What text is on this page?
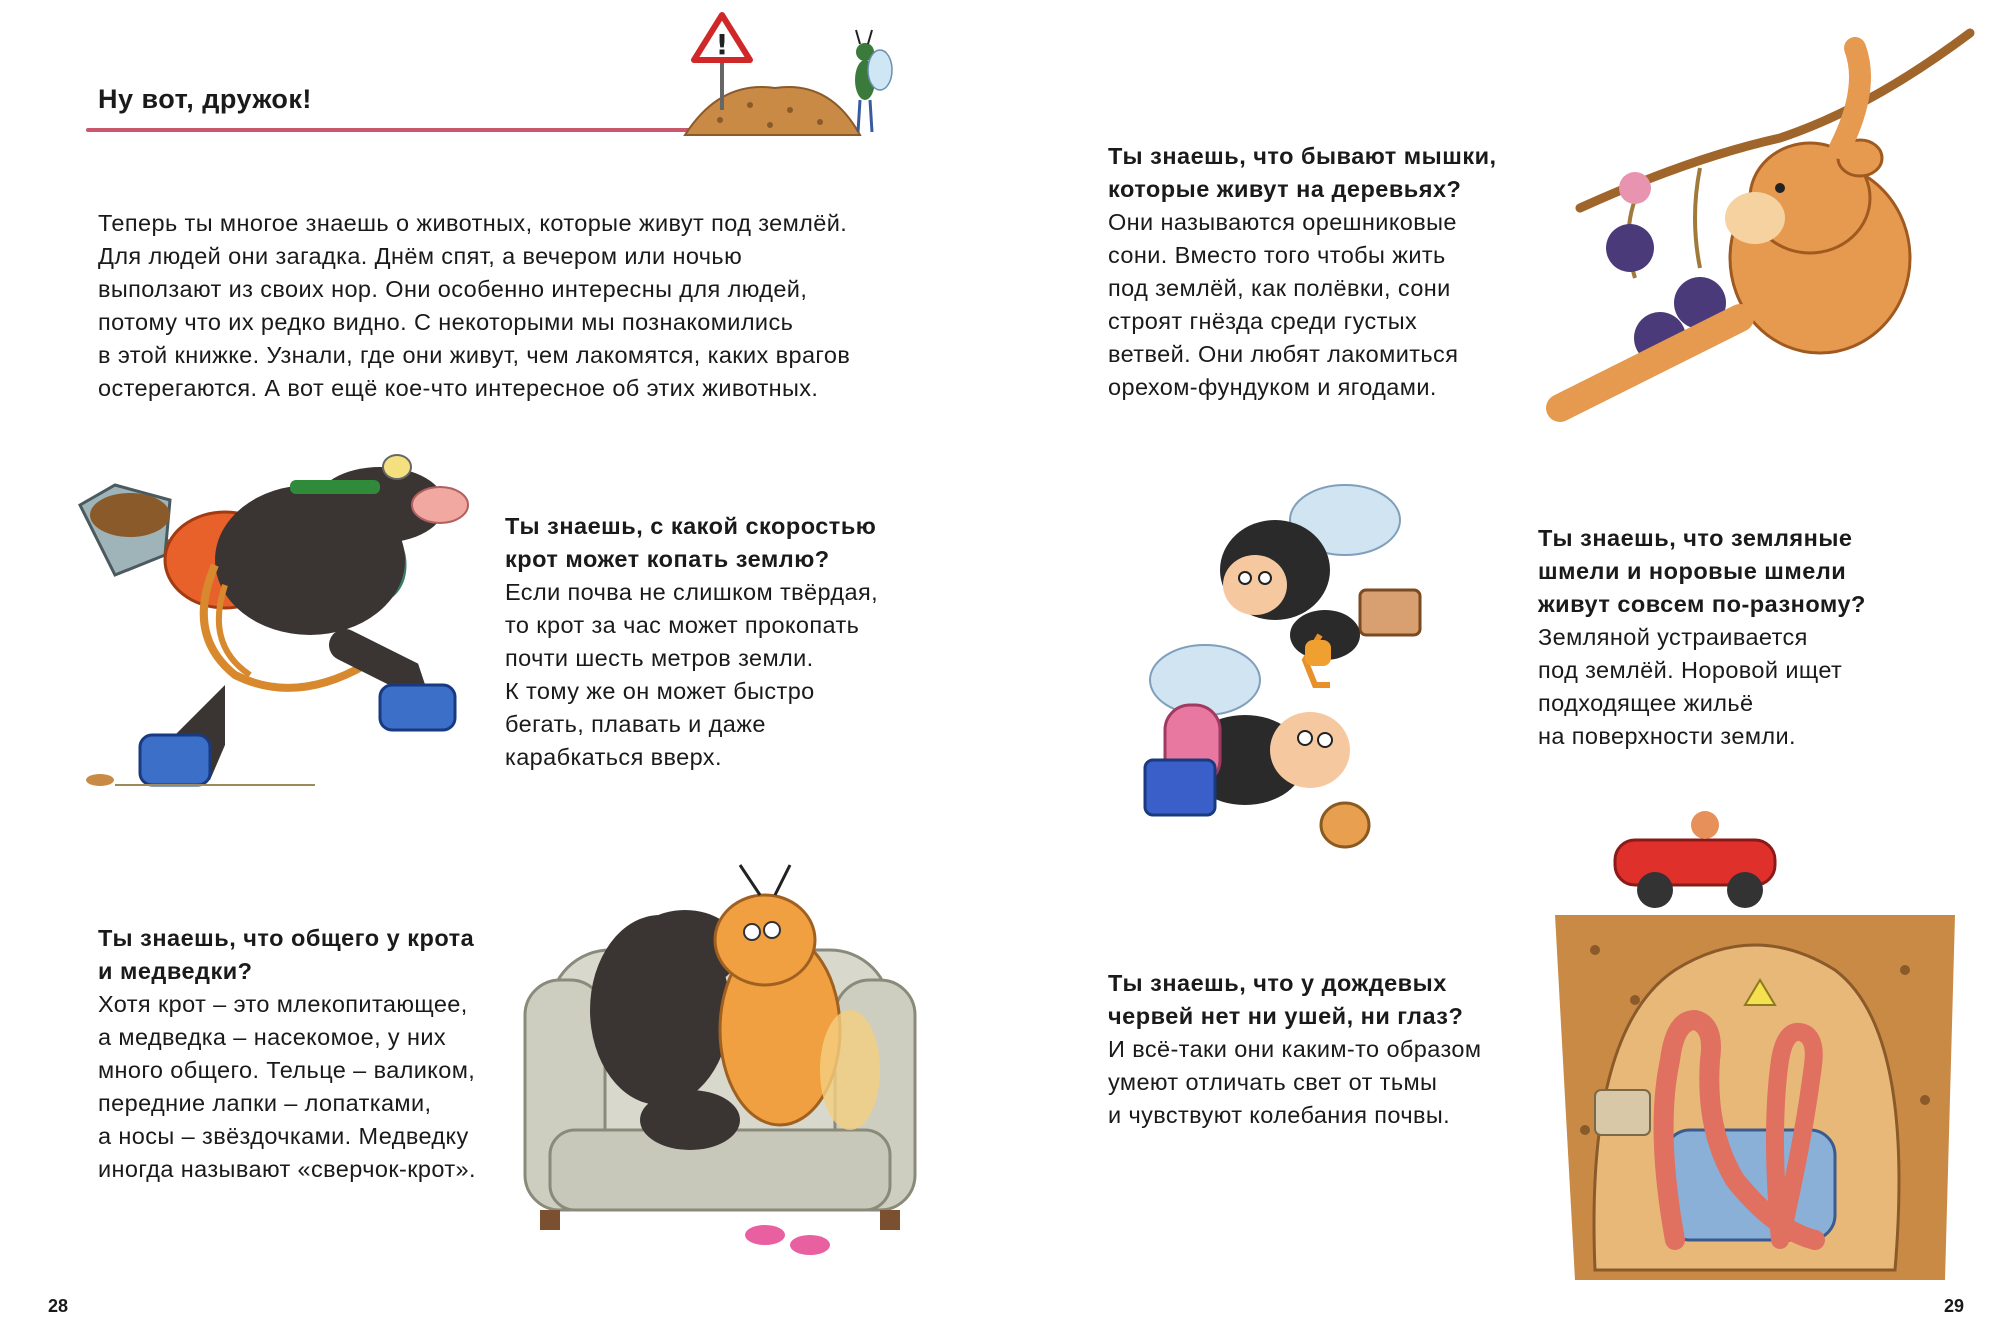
Ну вот, дружок!
!
Теперь ты многое знаешь о животных, которые живут под землёй.
Для людей они загадка. Днём спят, а вечером или ночью
выползают из своих нор. Они особенно интересны для людей,
потому что их редко видно. С некоторыми мы познакомились
в этой книжке. Узнали, где они живут, чем лакомятся, каких врагов
остерегаются. А вот ещё кое-что интересное об этих животных.
Ты знаешь, с какой скоростью
крот может копать землю?
Если почва не слишком твёрдая,
то крот за час может прокопать
почти шесть метров земли.
К тому же он может быстро
бегать, плавать и даже
карабкаться вверх.
Ты знаешь, что общего у крота
и медведки?
Хотя крот – это млекопитающее,
а медведка – насекомое, у них
много общего. Тельце – валиком,
передние лапки – лопатками,
а носы – звёздочками. Медведку
иногда называют «сверчок-крот».
28
Ты знаешь, что бывают мышки,
которые живут на деревьях?
Они называются орешниковые
сони. Вместо того чтобы жить
под землёй, как полёвки, сони
строят гнёзда среди густых
ветвей. Они любят лакомиться
орехом-фундуком и ягодами.
Ты знаешь, что земляные
шмели и норовые шмели
живут совсем по-разному?
Земляной устраивается
под землёй. Норовой ищет
подходящее жильё
на поверхности земли.
Ты знаешь, что у дождевых
червей нет ни ушей, ни глаз?
И всё-таки они каким-то образом
умеют отличать свет от тьмы
и чувствуют колебания почвы.
29
